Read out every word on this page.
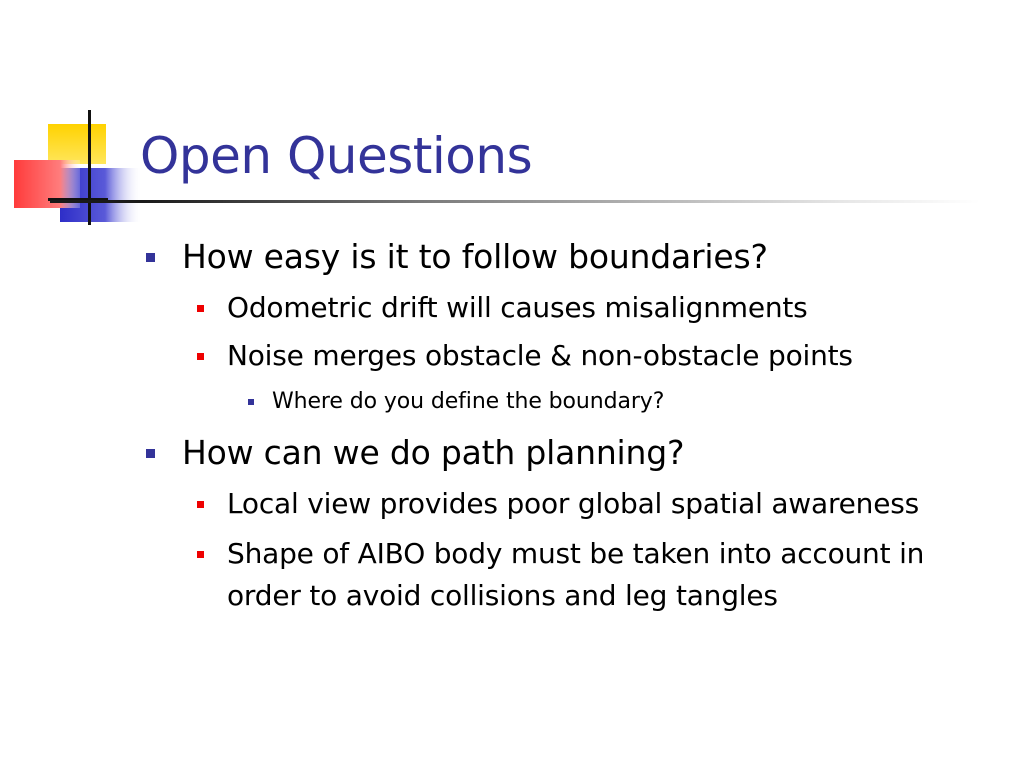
Open Questions
How easy is it to follow boundaries?
Odometric drift will causes misalignments
Noise merges obstacle & non-obstacle points
Where do you define the boundary?
How can we do path planning?
Local view provides poor global spatial awareness
Shape of AIBO body must be taken into account in
order to avoid collisions and leg tangles
